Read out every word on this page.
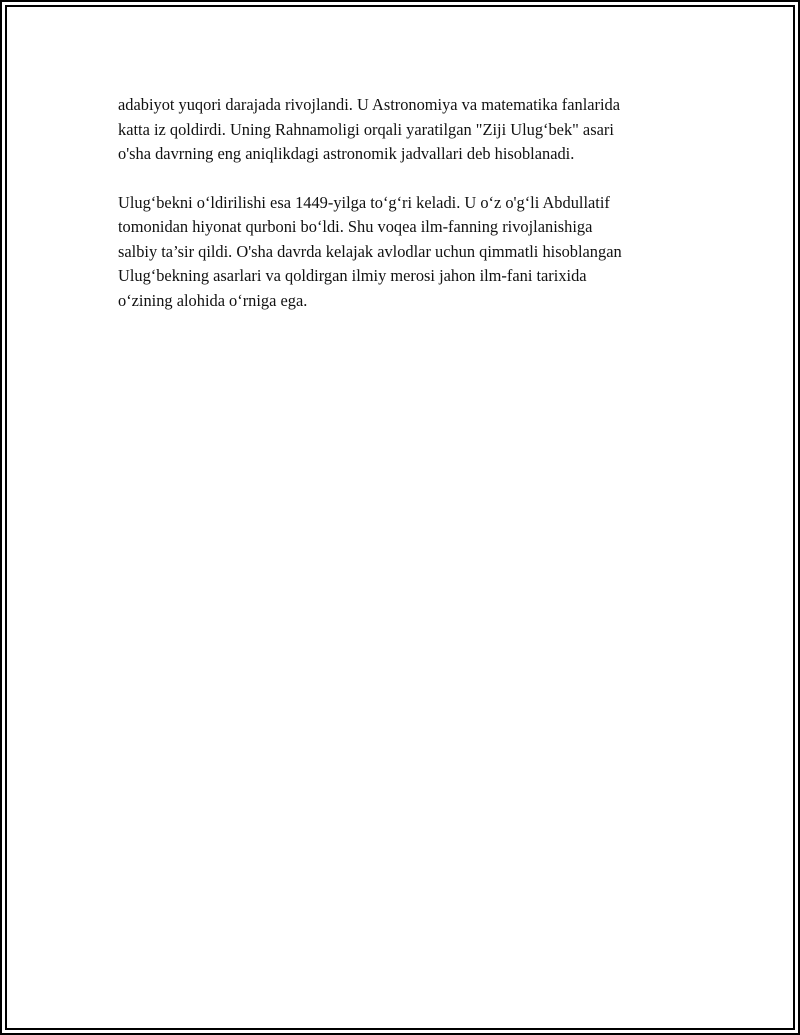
adabiyot yuqori darajada rivojlandi. U Astronomiya va matematika fanlarida
katta iz qoldirdi. Uning Rahnamoligi orqali yaratilgan "Ziji Ulug‘bek" asari
o'sha davrning eng aniqlikdagi astronomik jadvallari deb hisoblanadi.

Ulug‘bekni o‘ldirilishi esa 1449-yilga to‘g‘ri keladi. U o‘z o'g‘li Abdullatif
tomonidan hiyonat qurboni bo‘ldi. Shu voqea ilm-fanning rivojlanishiga
salbiy ta’sir qildi. O'sha davrda kelajak avlodlar uchun qimmatli hisoblangan
Ulug‘bekning asarlari va qoldirgan ilmiy merosi jahon ilm-fani tarixida
o‘zining alohida o‘rniga ega.
